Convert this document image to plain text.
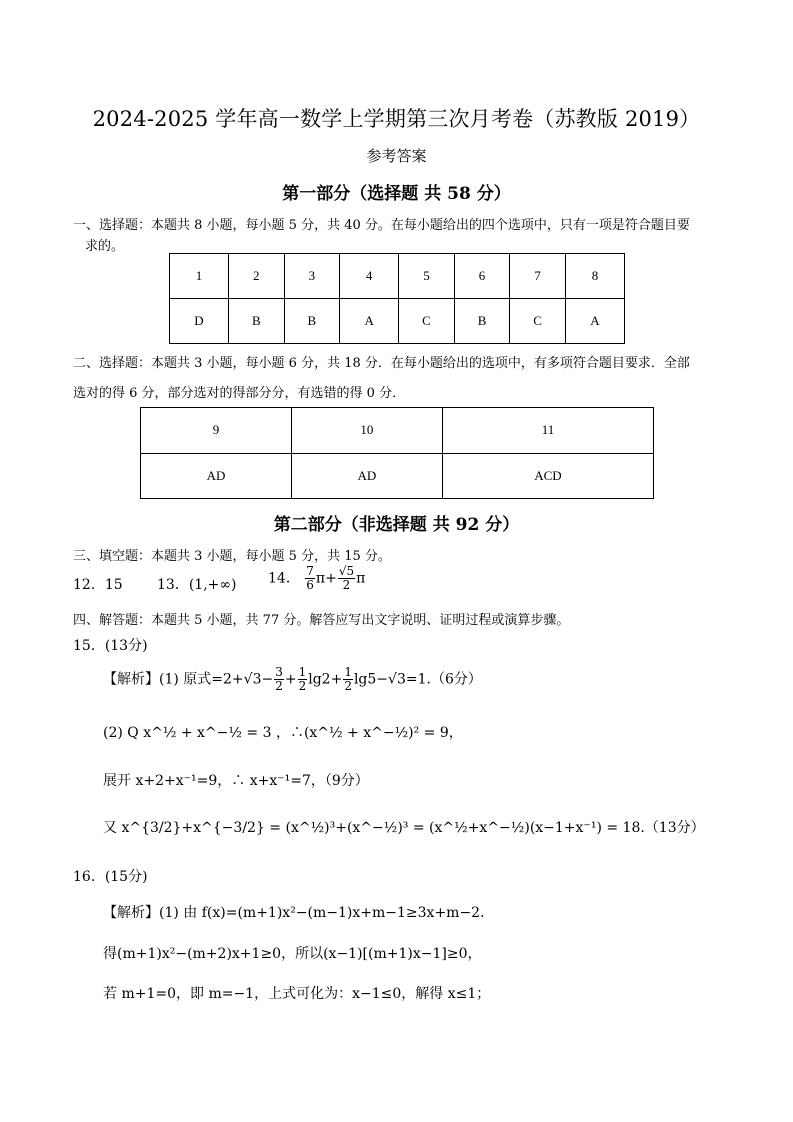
2024-2025 学年高一数学上学期第三次月考卷（苏教版 2019）
参考答案
第一部分（选择题 共 58 分）
一、选择题：本题共 8 小题，每小题 5 分，共 40 分。在每小题给出的四个选项中，只有一项是符合题目要
求的。
1	2	3	4	5	6	7	8
D	B	B	A	C	B	C	A
二、选择题：本题共 3 小题，每小题 6 分，共 18 分．在每小题给出的选项中，有多项符合题目要求．全部
选对的得 6 分，部分选对的得部分分，有选错的得 0 分．
9	10	11
AD	AD	ACD
第二部分（非选择题 共 92 分）
三、填空题：本题共 3 小题，每小题 5 分，共 15 分。
12．15 13．(1,+∞) 14． $\frac{7}{6} \pi+ \frac{√5}{2}$ π
四、解答题：本题共 5 小题，共 77 分。解答应写出文字说明、证明过程或演算步骤。
15．(13分)
【解析】(1) 原式$=2+√3- \frac{3}{2} + \frac{1}{2} \lg 2+ \frac{1}{2} \lg 5-√3=1.(6$分）
(2) Q x^½ + x^−½ = 3 ，∴(x^½ + x^−½)² = 9，
展开 x+2+x⁻¹=9，∴ x+x⁻¹=7，（9分）
又 x^{3/2}+x^{−3/2} = (x^½)³+(x^−½)³ = (x^½+x^−½)(x−1+x⁻¹) = 18.（13分）
16．(15分)
【解析】(1) 由 f(x)=(m+1)x²−(m−1)x+m−1≥3x+m−2．
得(m+1)x²−(m+2)x+1≥0，所以(x−1)[(m+1)x−1]≥0，
若 m+1=0，即 m=−1，上式可化为：x−1≤0，解得 x≤1；
